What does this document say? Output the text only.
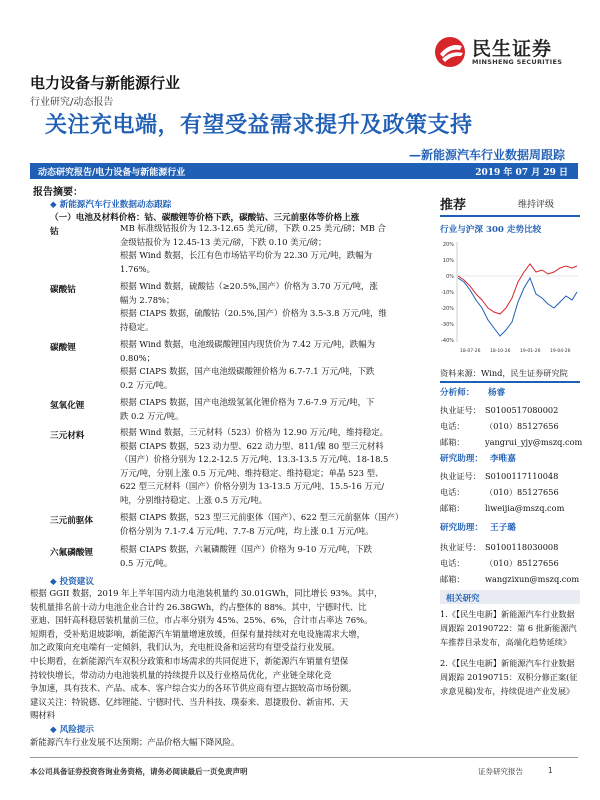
电力设备与新能源行业
行业研究/动态报告
关注充电端，有望受益需求提升及政策支持
—新能源汽车行业数据周跟踪
民生证券
MINSHENG SECURITIES
动态研究报告/电力设备与新能源行业	2019 年 07 月 29 日
报告摘要：
◆ 新能源汽车行业数据动态跟踪
（一）电池及材料价格：钴、碳酸锂等价格下跌，碳酸钴、三元前驱体等价格上涨
钴	MB 标准级钴报价为 12.3-12.65 美元/磅，下跌 0.25 美元/磅；MB 合
金级钴报价为 12.45-13 美元/磅，下跌 0.10 美元/磅；
根据 Wind 数据，长江有色市场钴平均价为 22.30 万元/吨，跌幅为
1.76%。
碳酸钴	根据 Wind 数据，硫酸钴（≥20.5%,国产）价格为 3.70 万元/吨，涨
幅为 2.78%；
根据 CIAPS 数据，硫酸钴（20.5%,国产）价格为 3.5-3.8 万元/吨，维
持稳定。
碳酸锂	根据 Wind 数据，电池级碳酸锂国内现货价为 7.42 万元/吨，跌幅为
0.80%；
根据 CIAPS 数据，国产电池级碳酸锂价格为 6.7-7.1 万元/吨，下跌
0.2 万元/吨。
氢氧化锂	根据 CIAPS 数据，国产电池级氢氧化锂价格为 7.6-7.9 万元/吨，下
跌 0.2 万元/吨。
三元材料	根据 Wind 数据，三元材料（523）价格为 12.90 万元/吨，维持稳定。
根据 CIAPS 数据，523 动力型、622 动力型、811/镍 80 型三元材料
（国产）价格分别为 12.2-12.5 万元/吨、13.3-13.5 万元/吨、18-18.5
万元/吨，分别上涨 0.5 万元/吨、维持稳定、维持稳定；单晶 523 型、
622 型三元材料（国产）价格分别为 13-13.5 万元/吨、15.5-16 万元/
吨，分别维持稳定、上涨 0.5 万元/吨。
三元前驱体	根据 CIAPS 数据，523 型三元前驱体（国产）、622 型三元前驱体（国产）
价格分别为 7.1-7.4 万元/吨、7.7-8 万元/吨，均上涨 0.1 万元/吨。
六氟磷酸锂	根据 CIAPS 数据，六氟磷酸锂（国产）价格为 9-10 万元/吨，下跌
0.5 万元/吨。
◆ 投资建议
根据 GGII 数据，2019 年上半年国内动力电池装机量约 30.01GWh，同比增长 93%。其中，
装机量排名前十动力电池企业合计约 26.38GWh，约占整体的 88%。其中，宁德时代、比
亚迪、国轩高科稳居装机量前三位，市占率分别为 45%、25%、6%，合计市占率达 76%。
短期看，受补贴退坡影响，新能源汽车销量增速放缓，但保有量持续对充电设施需求大增，
加之政策向充电端有一定倾斜，我们认为，充电桩设备和运营均有望受益行业发展。
中长期看，在新能源汽车双积分政策和市场需求的共同促进下，新能源汽车销量有望保
持较快增长，带动动力电池装机量的持续提升以及行业格局优化，产业链全球化竞
争加速，具有技术、产品、成本、客户综合实力的各环节供应商有望占据较高市场份额。
建议关注：特锐德、亿纬锂能、宁德时代、当升科技、璞泰来、恩捷股份、新宙邦、天
赐材料
◆ 风险提示
新能源汽车行业发展不达预期；产品价格大幅下降风险。
推荐	维持评级
行业与沪深 300 走势比较
20%
10%
0%
-10%
-20%
-30%
-40%
18-07-26 18-10-26 19-01-26 19-04-26
资料来源：Wind，民生证券研究院
分析师： 杨睿
执业证号： S0100517080002
电话： （010）85127656
邮箱： yangrui_yjy@mszq.com
研究助理： 李唯嘉
执业证号： S0100117110048
电话： （010）85127656
邮箱： liweijia@mszq.com
研究助理： 王子璐
执业证号： S0100118030008
电话： （010）85127656
邮箱： wangzixun@mszq.com
相关研究
1.《【民生电新】新能源汽车行业数据周跟踪 20190722：第 6 批新能源汽车推荐目录发布，高端化趋势延续》
2.《【民生电新】新能源汽车行业数据周跟踪 20190715：双积分修正案(征求意见稿)发布，持续促进产业发展》
本公司具备证券投资咨询业务资格，请务必阅读最后一页免责声明	证券研究报告	1
